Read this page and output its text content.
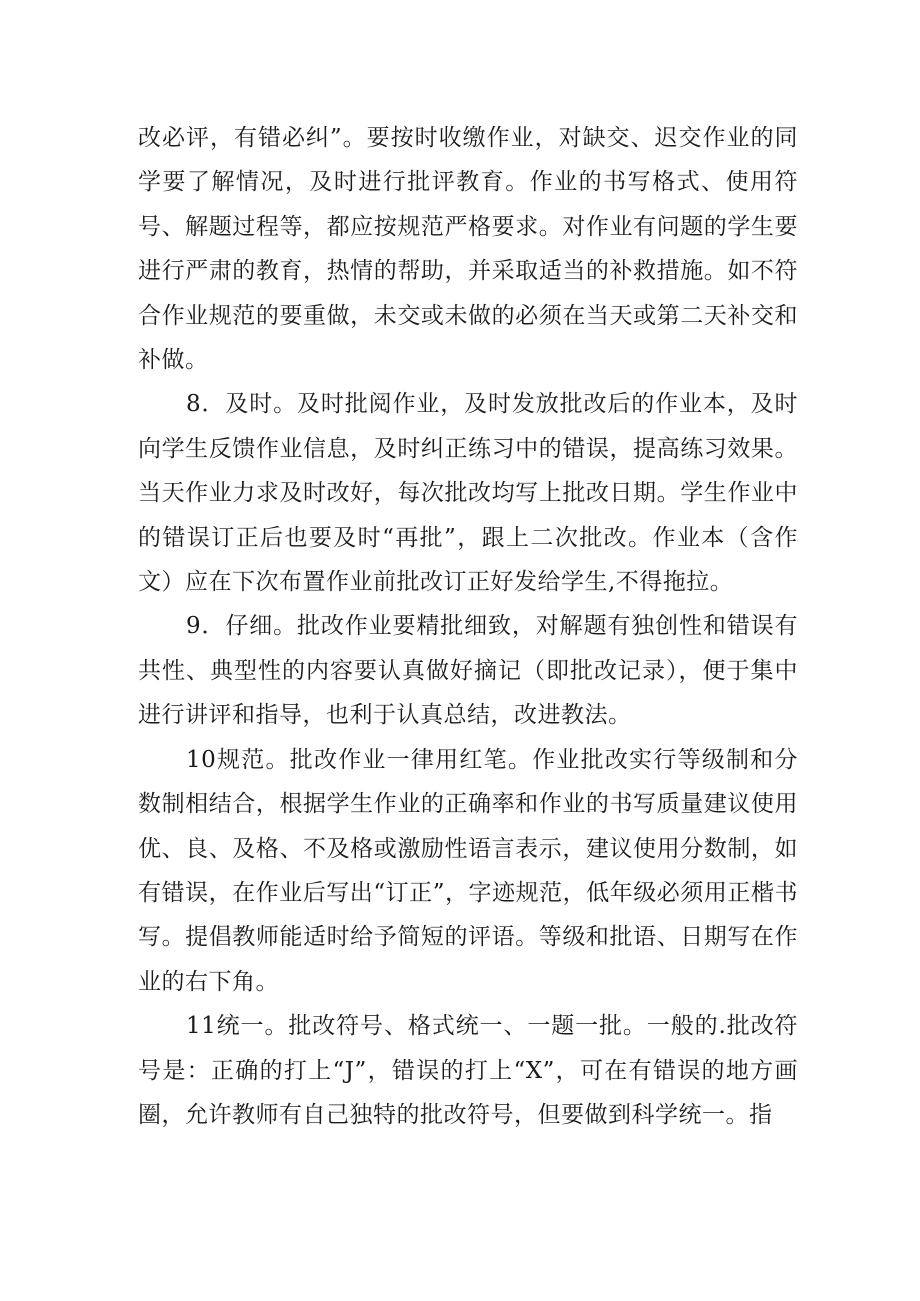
改必评，有错必纠”。要按时收缴作业，对缺交、迟交作业的同学要了解情况，及时进行批评教育。作业的书写格式、使用符号、解题过程等，都应按规范严格要求。对作业有问题的学生要进行严肃的教育，热情的帮助，并采取适当的补救措施。如不符合作业规范的要重做，未交或未做的必须在当天或第二天补交和补做。

8．及时。及时批阅作业，及时发放批改后的作业本，及时向学生反馈作业信息，及时纠正练习中的错误，提高练习效果。当天作业力求及时改好，每次批改均写上批改日期。学生作业中的错误订正后也要及时“再批”，跟上二次批改。作业本（含作文）应在下次布置作业前批改订正好发给学生,不得拖拉。

9．仔细。批改作业要精批细致，对解题有独创性和错误有共性、典型性的内容要认真做好摘记（即批改记录），便于集中进行讲评和指导，也利于认真总结，改进教法。

10规范。批改作业一律用红笔。作业批改实行等级制和分数制相结合，根据学生作业的正确率和作业的书写质量建议使用优、良、及格、不及格或激励性语言表示，建议使用分数制，如有错误，在作业后写出“订正”，字迹规范，低年级必须用正楷书写。提倡教师能适时给予简短的评语。等级和批语、日期写在作业的右下角。

11统一。批改符号、格式统一、一题一批。一般的.批改符号是：正确的打上“J”，错误的打上“X”，可在有错误的地方画圈，允许教师有自己独特的批改符号，但要做到科学统一。指
